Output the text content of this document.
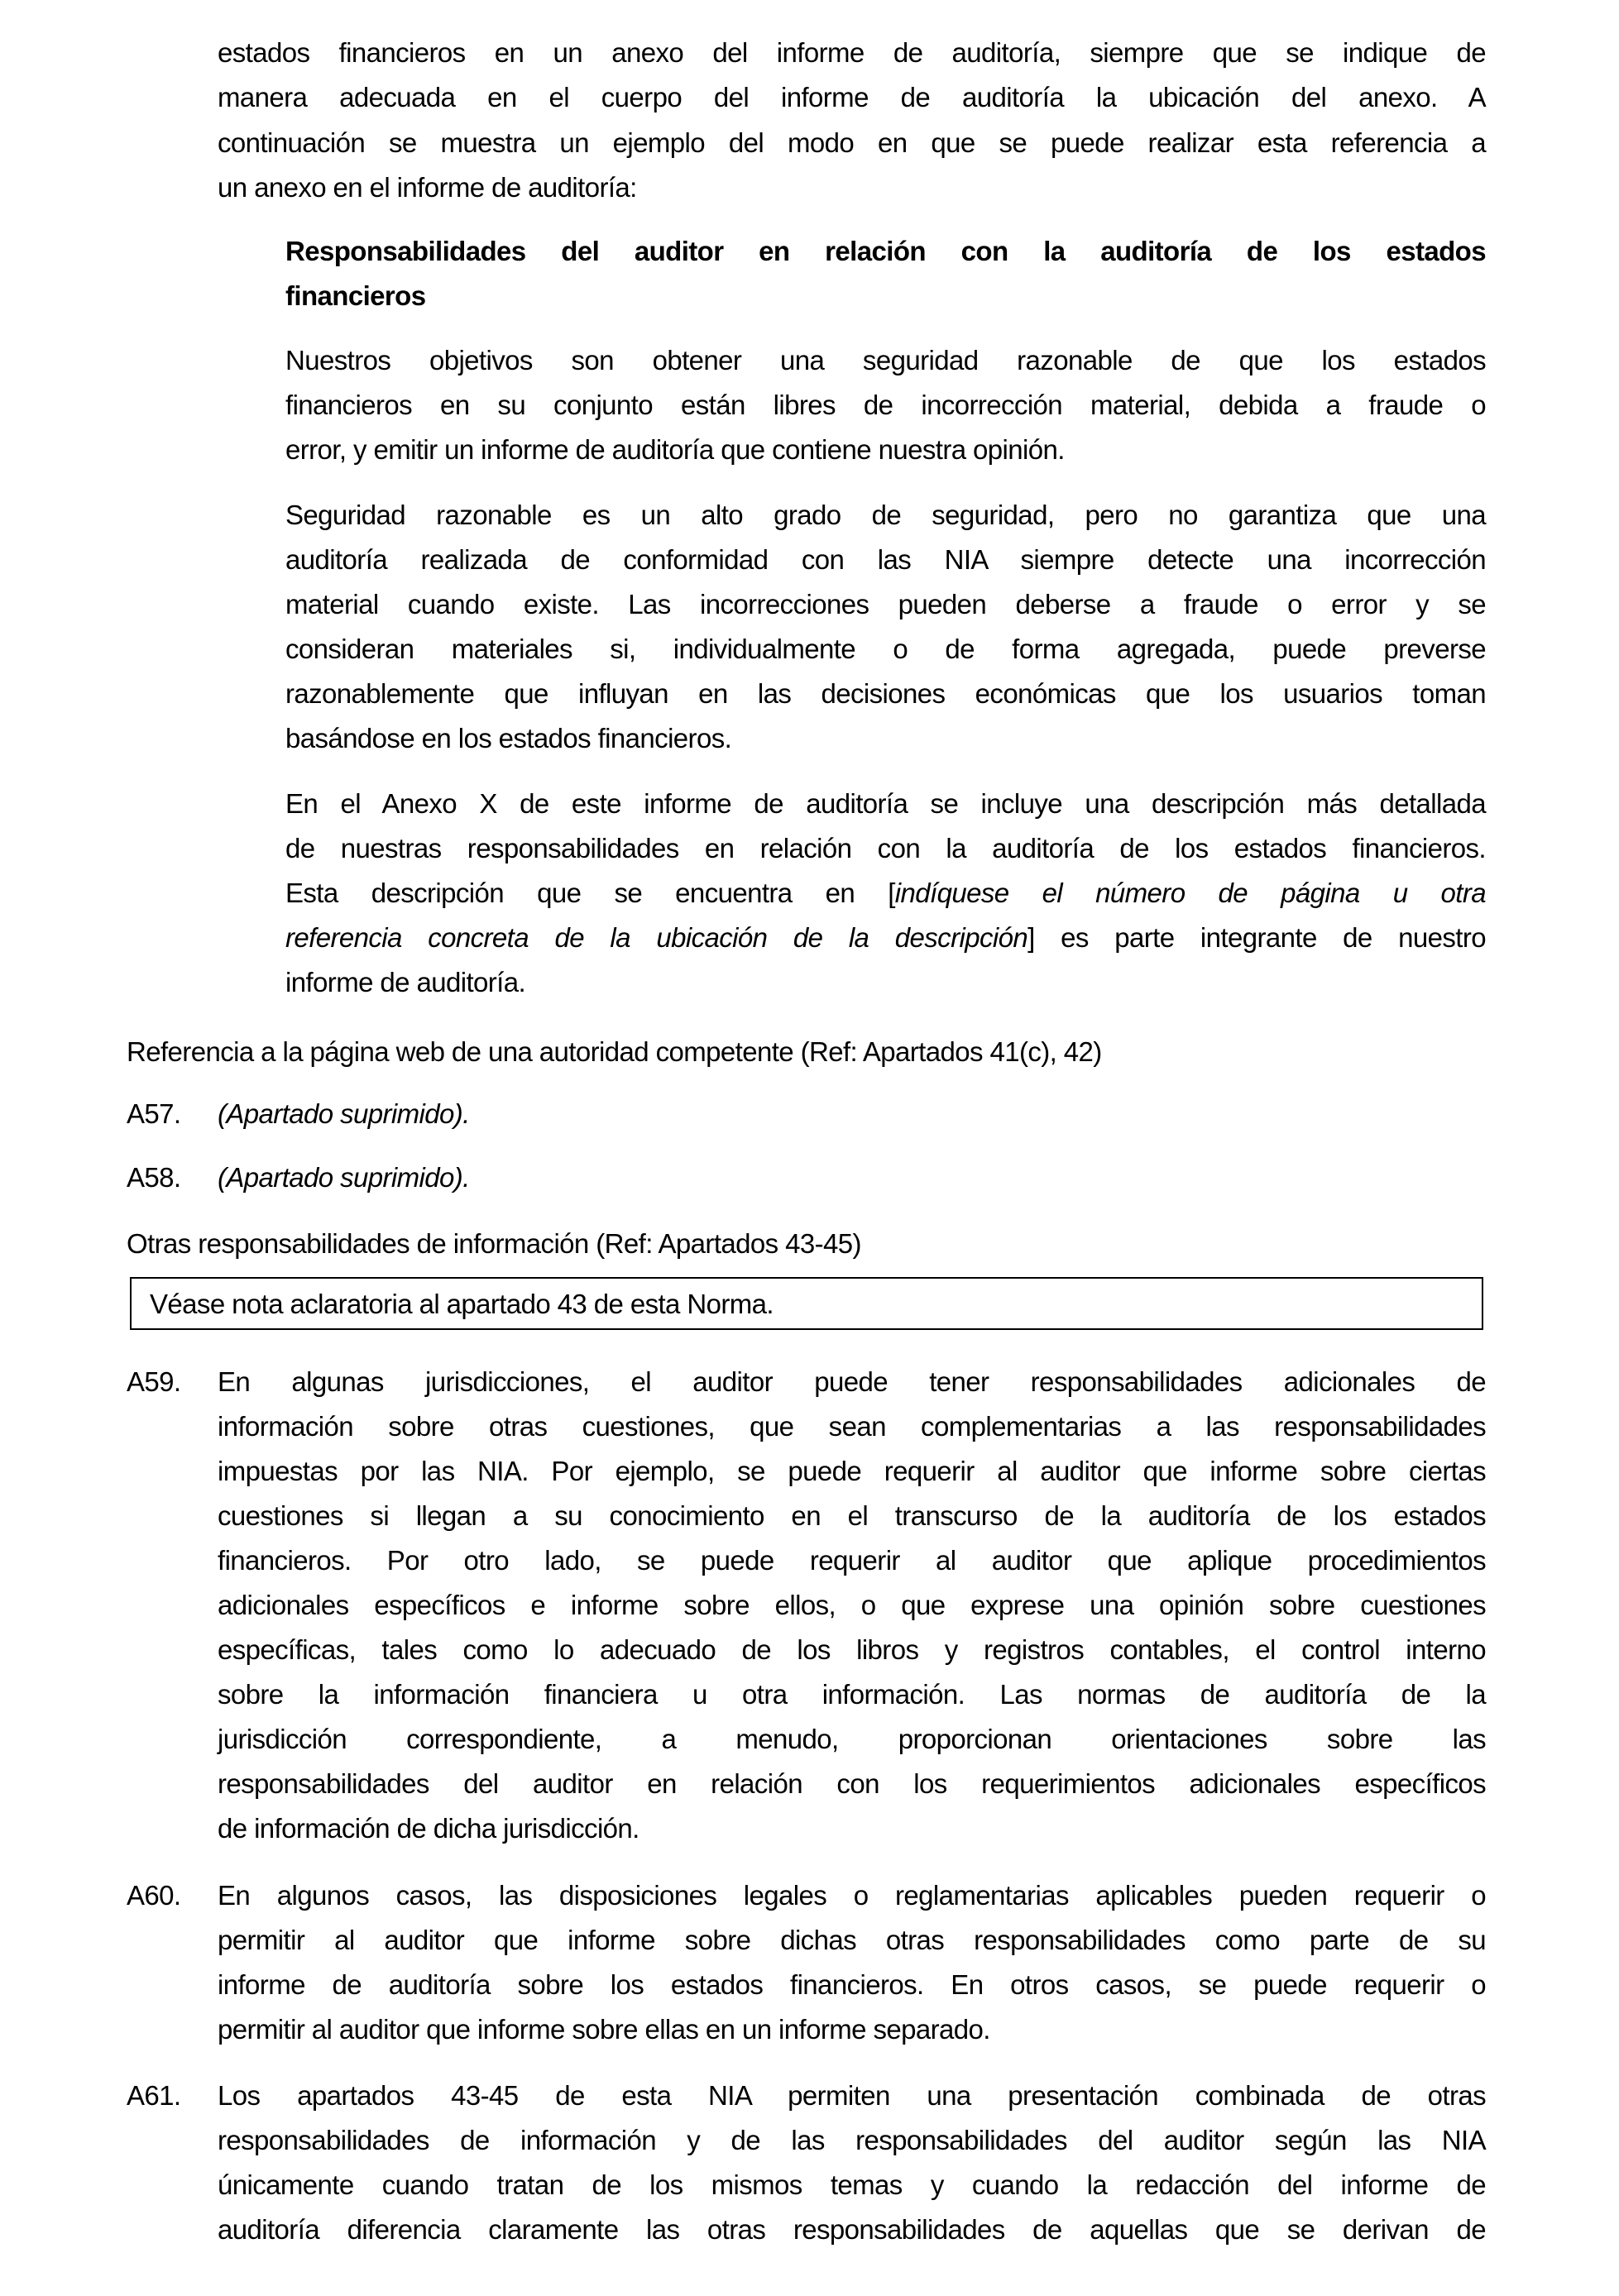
estados financieros en un anexo del informe de auditoría, siempre que se indique de
manera adecuada en el cuerpo del informe de auditoría la ubicación del anexo. A
continuación se muestra un ejemplo del modo en que se puede realizar esta referencia a
un anexo en el informe de auditoría:
Responsabilidades del auditor en relación con la auditoría de los estados
financieros
Nuestros objetivos son obtener una seguridad razonable de que los estados
financieros en su conjunto están libres de incorrección material, debida a fraude o
error, y emitir un informe de auditoría que contiene nuestra opinión.
Seguridad razonable es un alto grado de seguridad, pero no garantiza que una
auditoría realizada de conformidad con las NIA siempre detecte una incorrección
material cuando existe. Las incorrecciones pueden deberse a fraude o error y se
consideran materiales si, individualmente o de forma agregada, puede preverse
razonablemente que influyan en las decisiones económicas que los usuarios toman
basándose en los estados financieros.
En el Anexo X de este informe de auditoría se incluye una descripción más detallada
de nuestras responsabilidades en relación con la auditoría de los estados financieros.
Esta descripción que se encuentra en [indíquese el número de página u otra
referencia concreta de la ubicación de la descripción] es parte integrante de nuestro
informe de auditoría.
Referencia a la página web de una autoridad competente (Ref: Apartados 41(c), 42)
A57. (Apartado suprimido).
A58. (Apartado suprimido).
Otras responsabilidades de información (Ref: Apartados 43-45)
Véase nota aclaratoria al apartado 43 de esta Norma.
A59. En algunas jurisdicciones, el auditor puede tener responsabilidades adicionales de
información sobre otras cuestiones, que sean complementarias a las responsabilidades
impuestas por las NIA. Por ejemplo, se puede requerir al auditor que informe sobre ciertas
cuestiones si llegan a su conocimiento en el transcurso de la auditoría de los estados
financieros. Por otro lado, se puede requerir al auditor que aplique procedimientos
adicionales específicos e informe sobre ellos, o que exprese una opinión sobre cuestiones
específicas, tales como lo adecuado de los libros y registros contables, el control interno
sobre la información financiera u otra información. Las normas de auditoría de la
jurisdicción correspondiente, a menudo, proporcionan orientaciones sobre las
responsabilidades del auditor en relación con los requerimientos adicionales específicos
de información de dicha jurisdicción.
A60. En algunos casos, las disposiciones legales o reglamentarias aplicables pueden requerir o
permitir al auditor que informe sobre dichas otras responsabilidades como parte de su
informe de auditoría sobre los estados financieros. En otros casos, se puede requerir o
permitir al auditor que informe sobre ellas en un informe separado.
A61. Los apartados 43-45 de esta NIA permiten una presentación combinada de otras
responsabilidades de información y de las responsabilidades del auditor según las NIA
únicamente cuando tratan de los mismos temas y cuando la redacción del informe de
auditoría diferencia claramente las otras responsabilidades de aquellas que se derivan de
